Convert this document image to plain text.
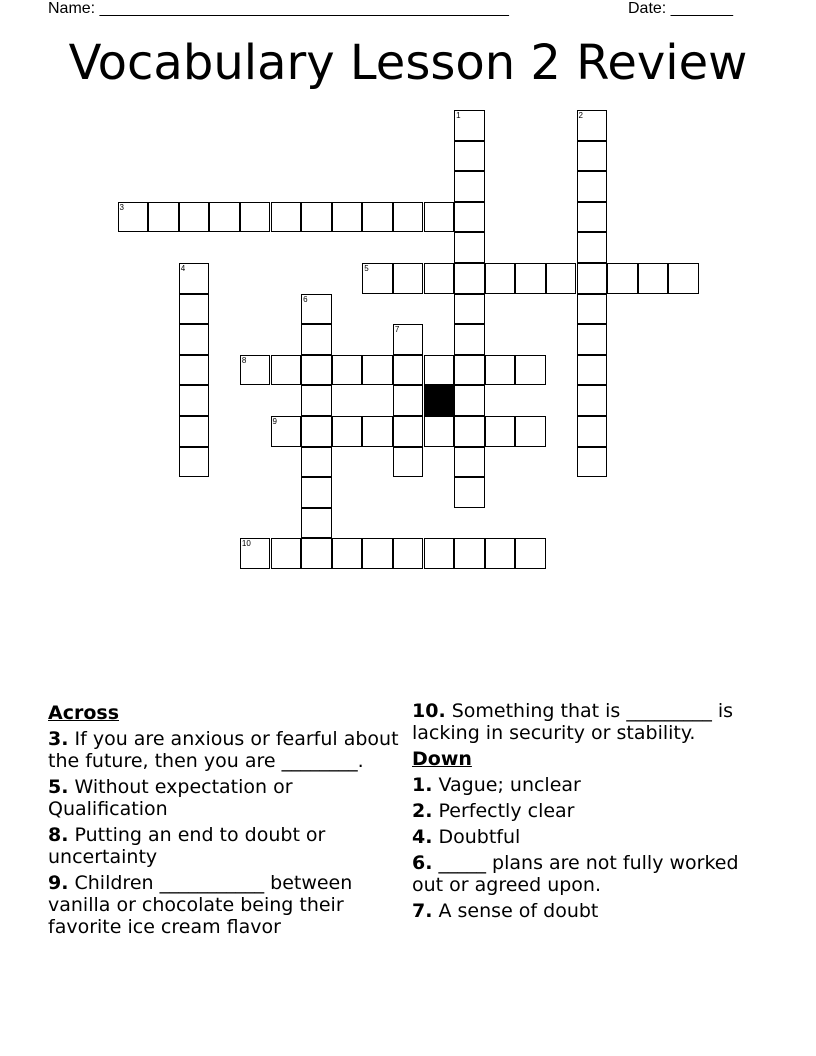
Name: ______________________________________________	Date: _______
Vocabulary Lesson 2 Review
1	2
3
4	5
6
7
8
9
10
Across
3. If you are anxious or fearful about the future, then you are ________.
5. Without expectation or Qualification
8. Putting an end to doubt or uncertainty
9. Children ___________ between vanilla or chocolate being their favorite ice cream flavor
10. Something that is _________ is lacking in security or stability.
Down
1. Vague; unclear
2. Perfectly clear
4. Doubtful
6. _____ plans are not fully worked out or agreed upon.
7. A sense of doubt
